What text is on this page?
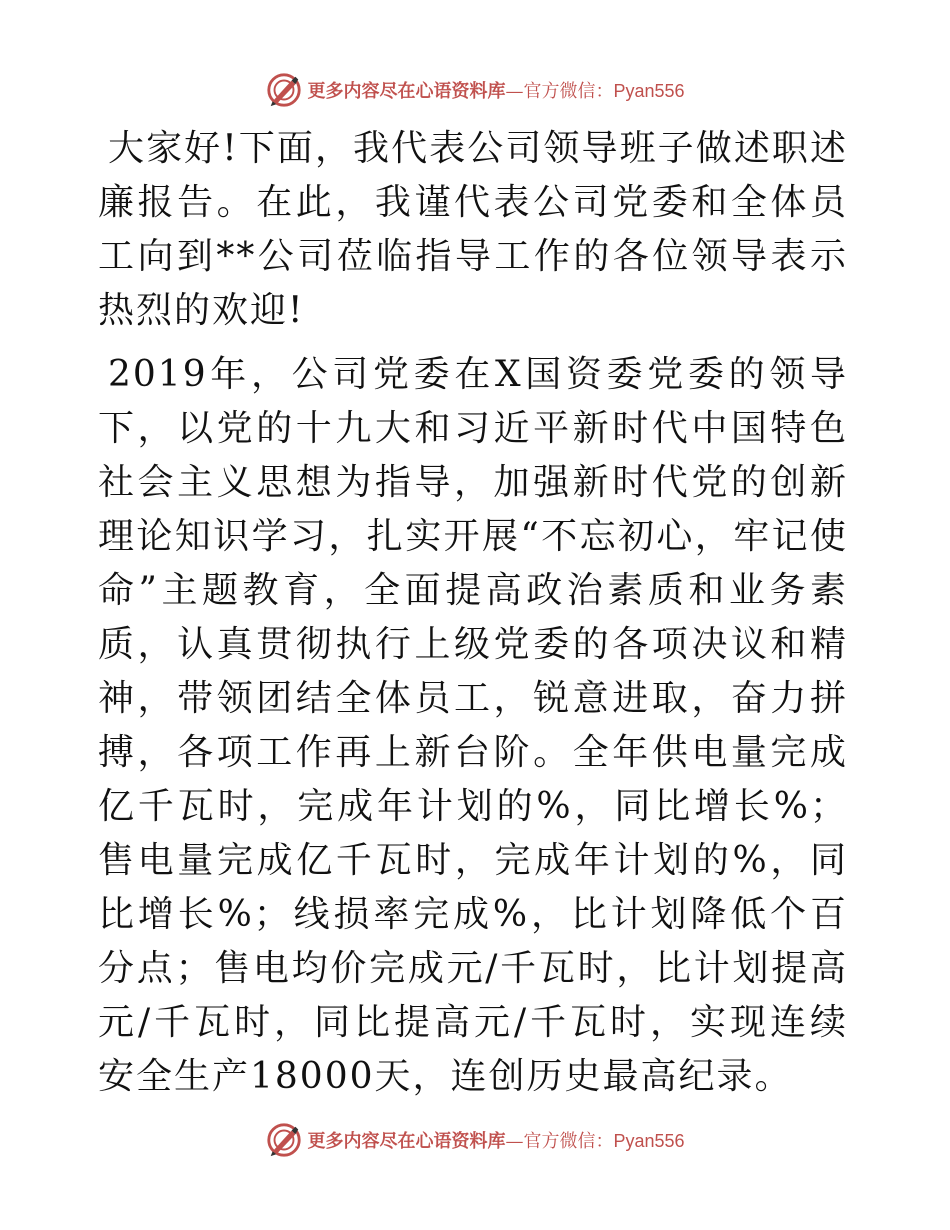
更多内容尽在心语资料库—官方微信：Pyan556

大家好!下面，我代表公司领导班子做述职述廉报告。在此，我谨代表公司党委和全体员工向到**公司莅临指导工作的各位领导表示热烈的欢迎!

2019年，公司党委在X国资委党委的领导下，以党的十九大和习近平新时代中国特色社会主义思想为指导，加强新时代党的创新理论知识学习，扎实开展“不忘初心，牢记使命”主题教育，全面提高政治素质和业务素质，认真贯彻执行上级党委的各项决议和精神，带领团结全体员工，锐意进取，奋力拼搏，各项工作再上新台阶。全年供电量完成亿千瓦时，完成年计划的%，同比增长%；售电量完成亿千瓦时，完成年计划的%，同比增长%；线损率完成%，比计划降低个百分点；售电均价完成元/千瓦时，比计划提高元/千瓦时，同比提高元/千瓦时，实现连续安全生产18000天，连创历史最高纪录。

更多内容尽在心语资料库—官方微信：Pyan556
